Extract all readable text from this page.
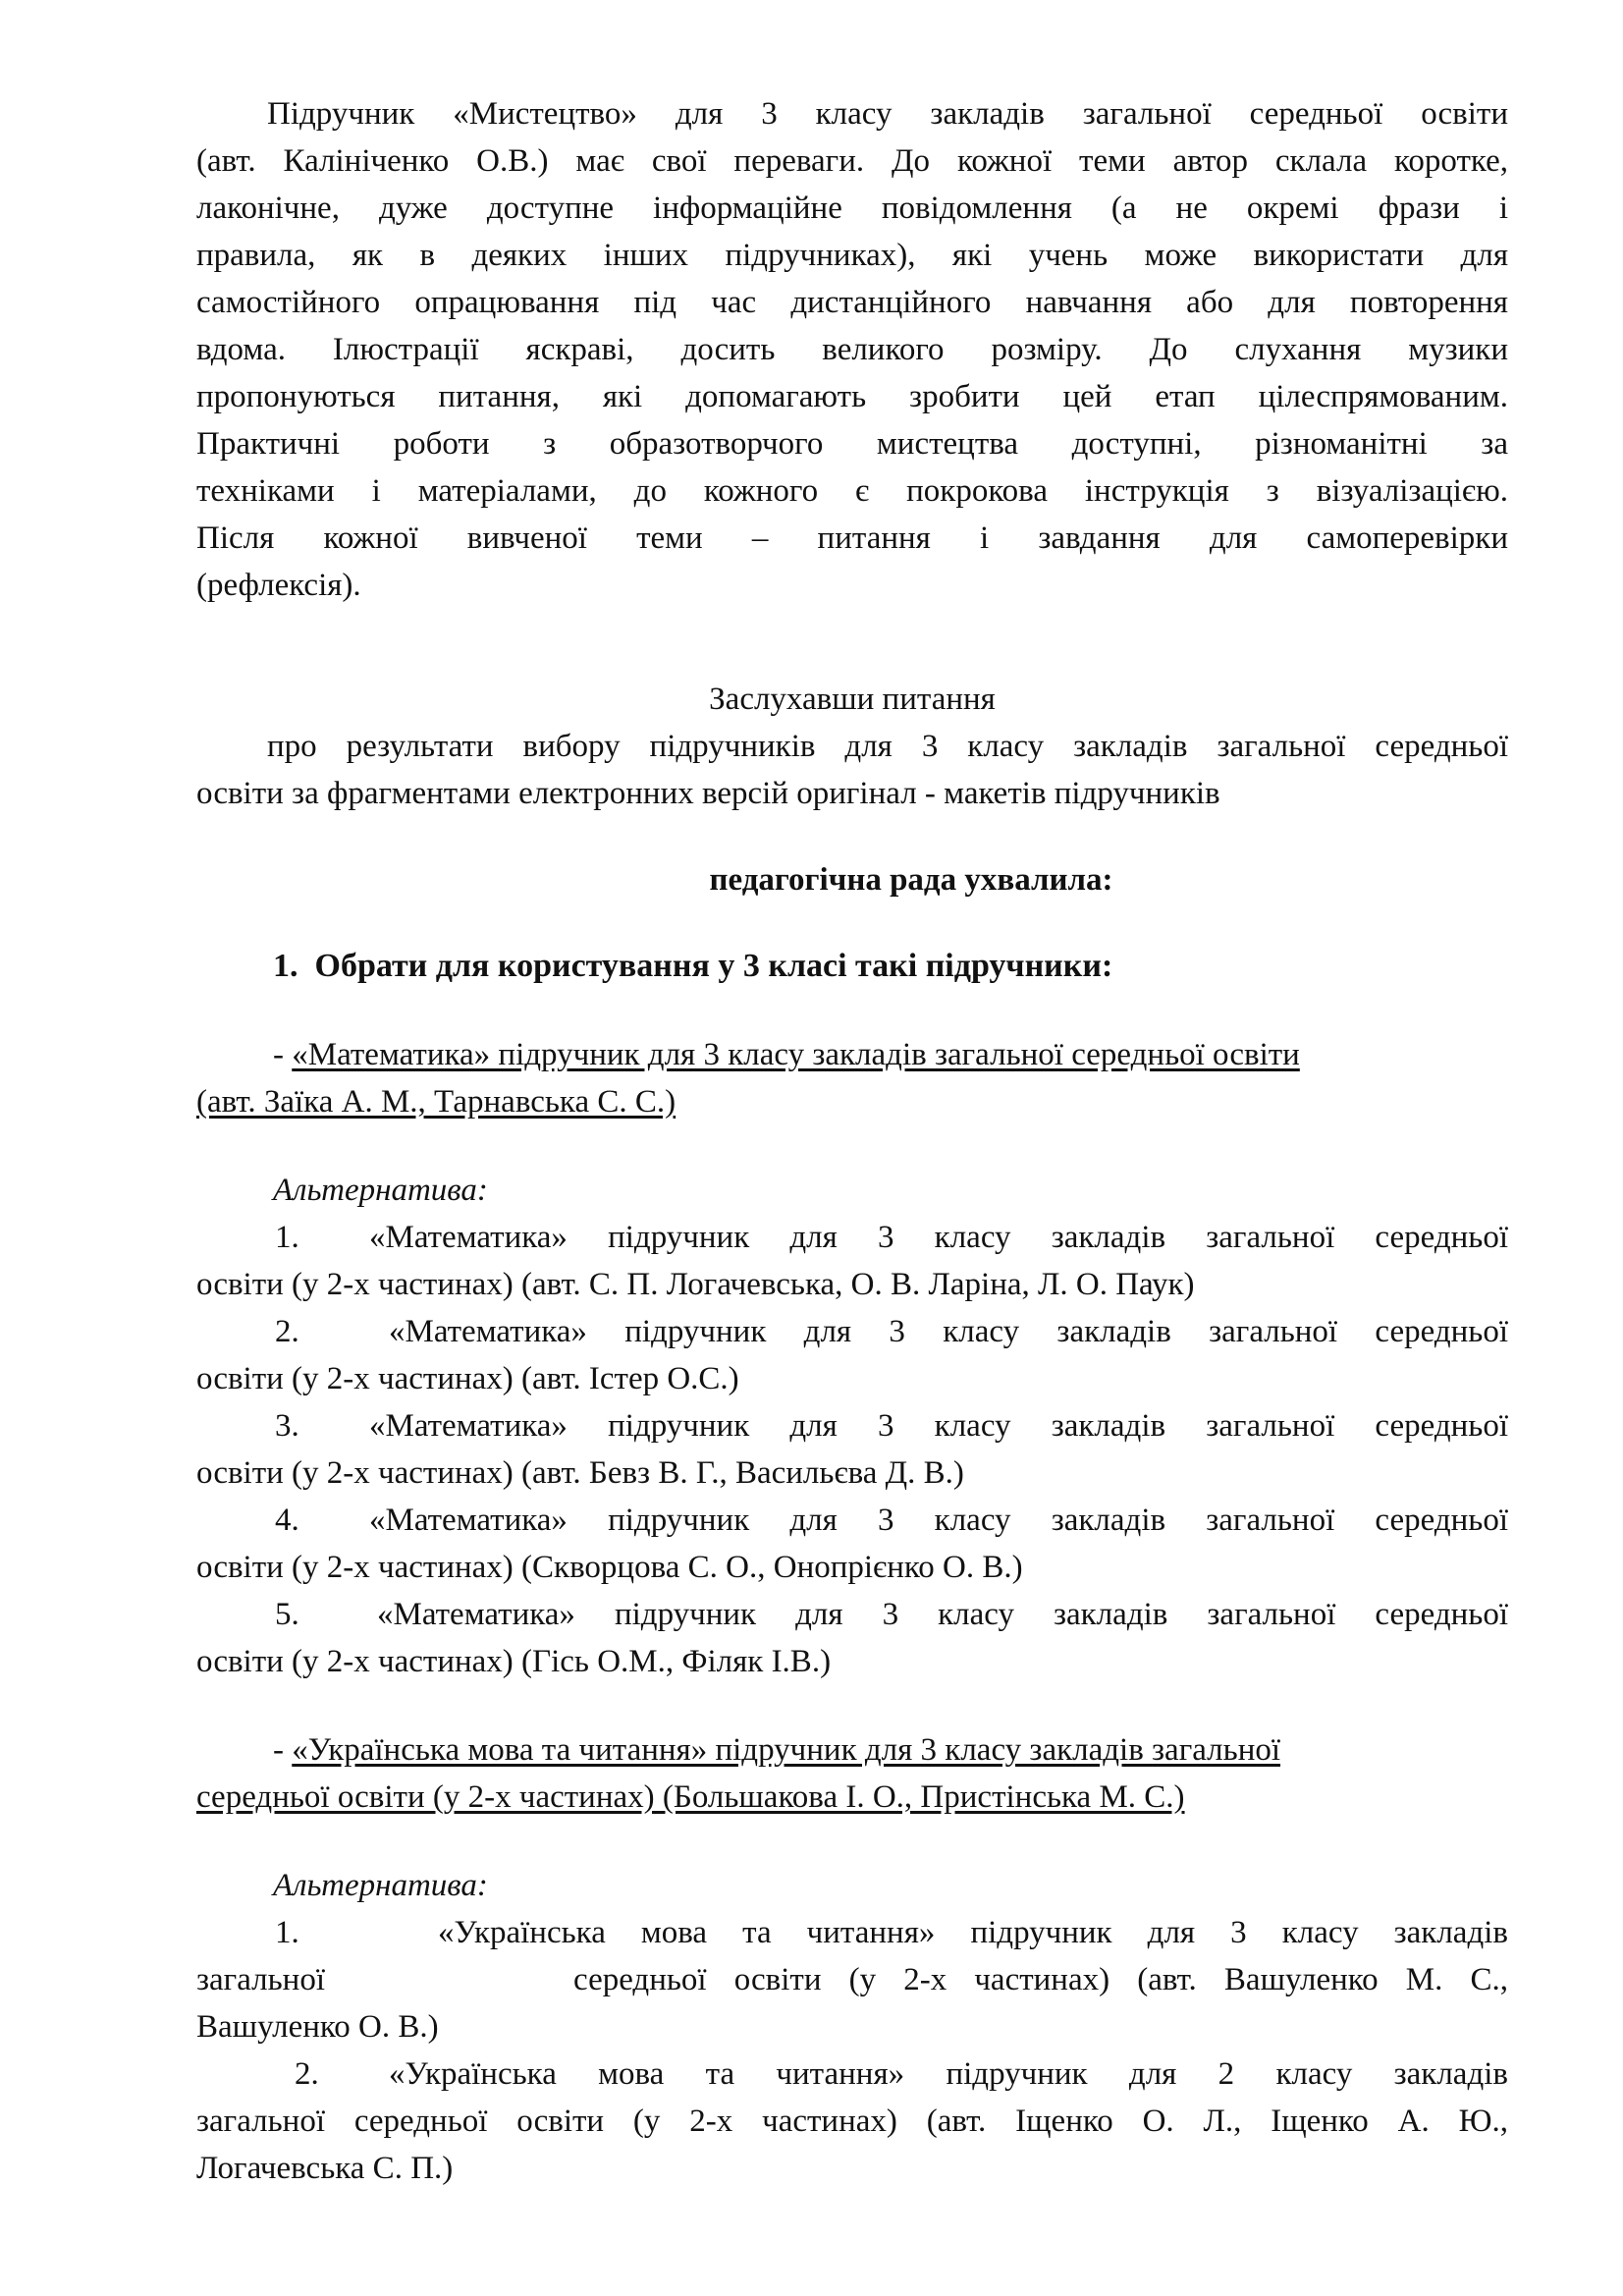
Підручник «Мистецтво» для 3 класу закладів загальної середньої освіти

(авт. Калініченко О.В.) має свої переваги. До кожної теми автор склала коротке,

лаконічне, дуже доступне інформаційне повідомлення (а не окремі фрази і

правила, як в деяких інших підручниках), які учень може використати для

самостійного опрацювання під час дистанційного навчання або для повторення

вдома. Ілюстрації яскраві, досить великого розміру. До слухання музики

пропонуються питання, які допомагають зробити цей етап цілеспрямованим.

Практичні роботи з образотворчого мистецтва доступні, різноманітні за

техніками і матеріалами, до кожного є покрокова інструкція з візуалізацією.

Після кожної вивченої теми – питання і завдання для самоперевірки

(рефлексія).

Заслухавши питання

про результати вибору підручників для 3 класу закладів загальної середньої

освіти за фрагментами електронних версій оригінал - макетів підручників

педагогічна рада ухвалила:

1. Обрати для користування у 3 класі такі підручники:

- «Математика» підручник для 3 класу закладів загальної середньої освіти

(авт. Заїка А. М., Тарнавська С. С.)

Альтернатива:

1. «Математика» підручник для 3 класу закладів загальної середньої

освіти (у 2-х частинах) (авт. С. П. Логачевська, О. В. Ларіна, Л. О. Паук)

2.	«Математика» підручник для 3 класу закладів загальної середньої

освіти (у 2-х частинах) (авт. Істер О.С.)

3. «Математика» підручник для 3 класу закладів загальної середньої

освіти (у 2-х частинах) (авт. Бевз В. Г., Васильєва Д. В.)

4. «Математика» підручник для 3 класу закладів загальної середньої

освіти (у 2-х частинах) (Скворцова С. О., Онопрієнко О. В.)

5. «Математика» підручник для 3 класу закладів загальної середньої

освіти (у 2-х частинах) (Гісь О.М., Філяк І.В.)

- «Українська мова та читання» підручник для 3 класу закладів загальної

середньої освіти (у 2-х частинах) (Большакова І. О., Пристінська М. С.)

Альтернатива:

1.	«Українська мова та читання» підручник для 3 класу закладів

загальної         середньої освіти (у 2-х частинах) (авт. Вашуленко М. С.,

Вашуленко О. В.)

2. «Українська мова та читання» підручник для 2 класу закладів

загальної середньої освіти (у 2-х частинах) (авт. Іщенко О. Л., Іщенко А. Ю.,

Логачевська С. П.)
